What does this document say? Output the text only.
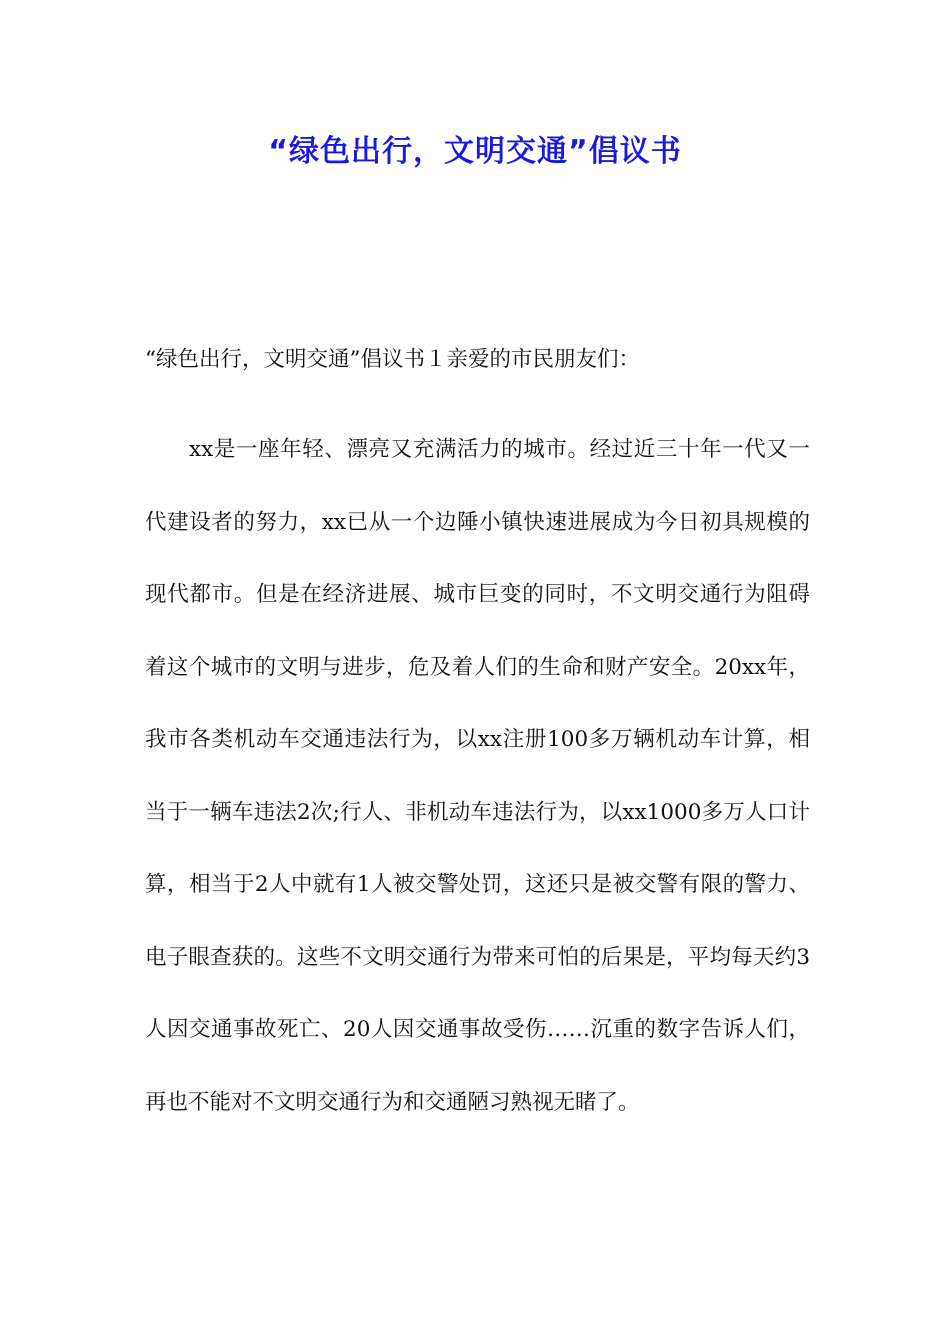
“绿色出行，文明交通”倡议书

“绿色出行，文明交通”倡议书１亲爱的市民朋友们：

xx是一座年轻、漂亮又充满活力的城市。经过近三十年一代又一代建设者的努力，xx已从一个边陲小镇快速进展成为今日初具规模的现代都市。但是在经济进展、城市巨变的同时，不文明交通行为阻碍着这个城市的文明与进步，危及着人们的生命和财产安全。20xx年，我市各类机动车交通违法行为，以xx注册100多万辆机动车计算，相当于一辆车违法2次;行人、非机动车违法行为，以xx1000多万人口计算，相当于2人中就有1人被交警处罚，这还只是被交警有限的警力、电子眼查获的。这些不文明交通行为带来可怕的后果是，平均每天约3人因交通事故死亡、20人因交通事故受伤……沉重的数字告诉人们，再也不能对不文明交通行为和交通陋习熟视无睹了。
